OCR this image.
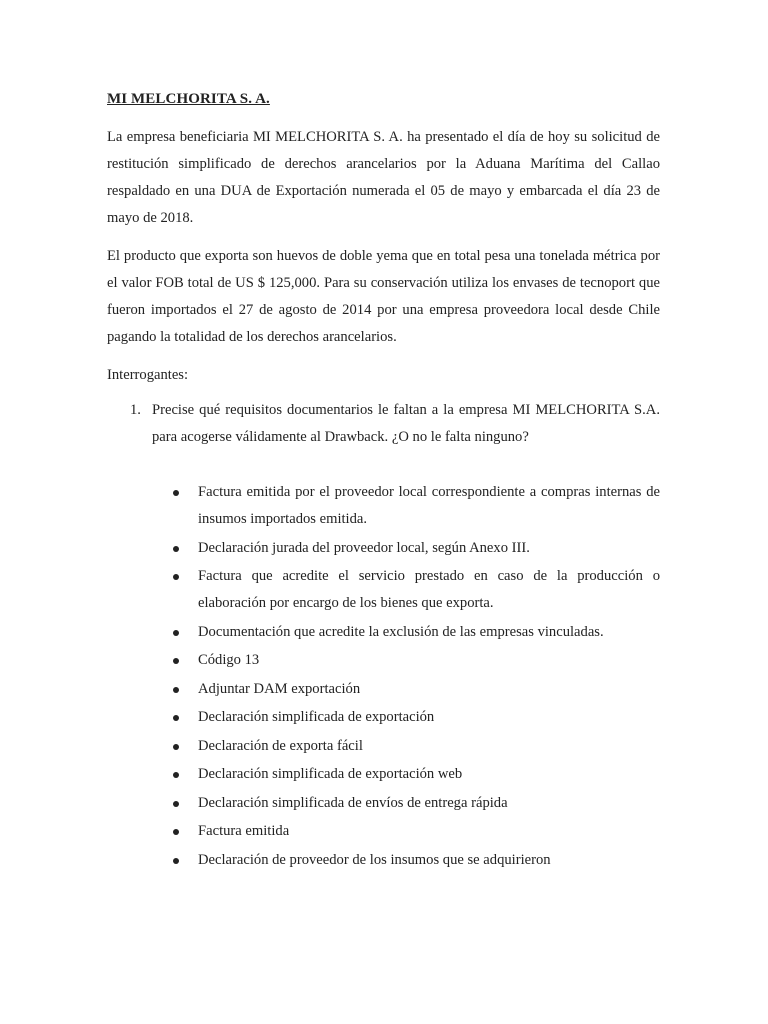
MI MELCHORITA S. A.

La empresa beneficiaria MI MELCHORITA S. A. ha presentado el día de hoy su solicitud de restitución simplificado de derechos arancelarios por la Aduana Marítima del Callao respaldado en una DUA de Exportación numerada el 05 de mayo y embarcada el día 23 de mayo de 2018.

El producto que exporta son huevos de doble yema que en total pesa una tonelada métrica por el valor FOB total de US $ 125,000. Para su conservación utiliza los envases de tecnoport que fueron importados el 27 de agosto de 2014 por una empresa proveedora local desde Chile pagando la totalidad de los derechos arancelarios.

Interrogantes:

1. Precise qué requisitos documentarios le faltan a la empresa MI MELCHORITA S.A. para acogerse válidamente al Drawback. ¿O no le falta ninguno?

Factura emitida por el proveedor local correspondiente a compras internas de insumos importados emitida.
Declaración jurada del proveedor local, según Anexo III.
Factura que acredite el servicio prestado en caso de la producción o elaboración por encargo de los bienes que exporta.
Documentación que acredite la exclusión de las empresas vinculadas.
Código 13
Adjuntar DAM exportación
Declaración simplificada de exportación
Declaración de exporta fácil
Declaración simplificada de exportación web
Declaración simplificada de envíos de entrega rápida
Factura emitida
Declaración de proveedor de los insumos que se adquirieron
